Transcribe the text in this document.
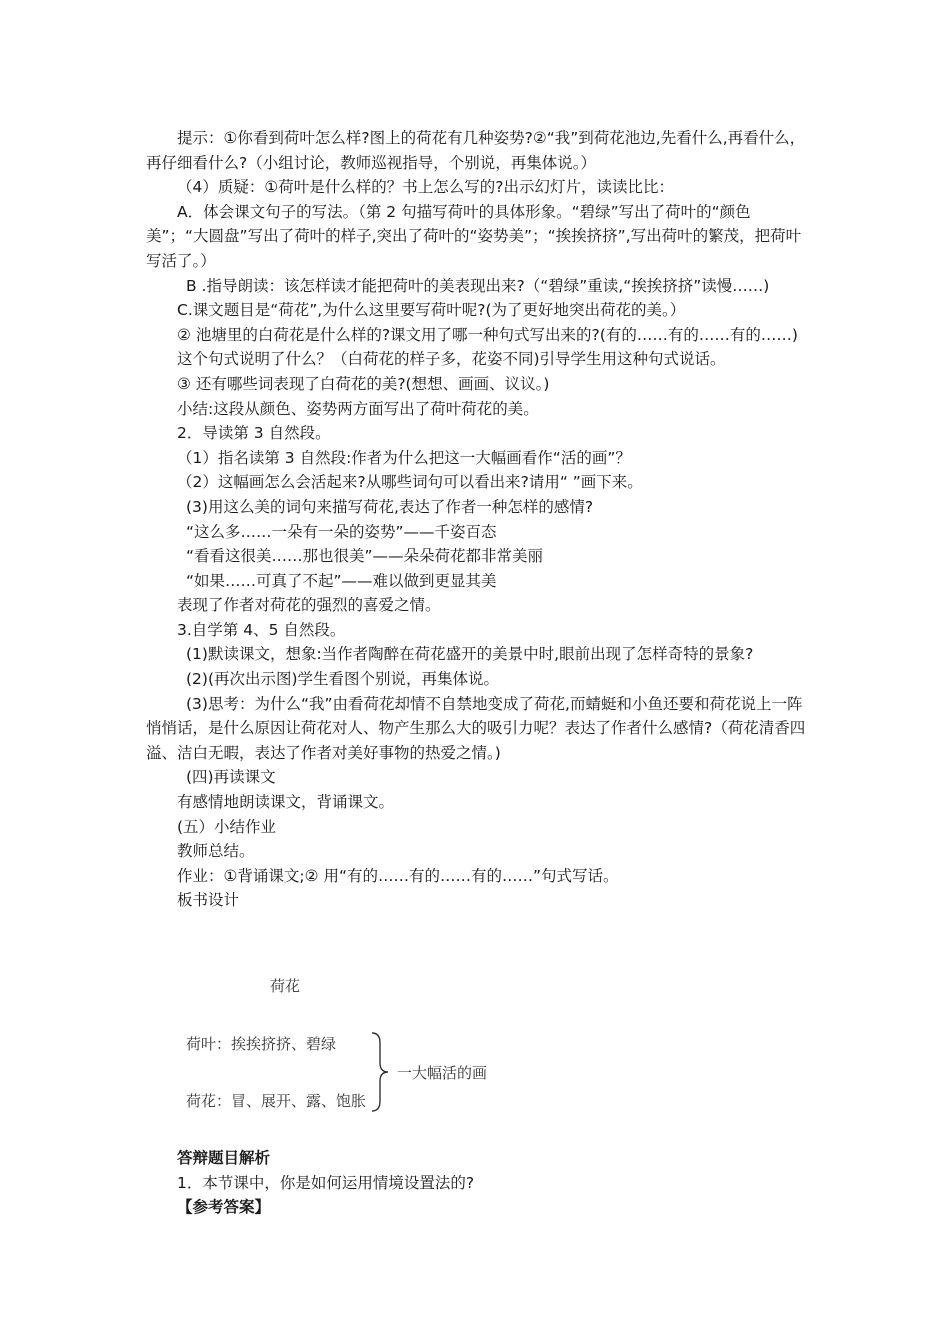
提示：①你看到荷叶怎么样?图上的荷花有几种姿势?②“我”到荷花池边,先看什么,再看什么，再仔细看什么?（小组讨论，教师巡视指导，个别说，再集体说。）

（4）质疑：①荷叶是什么样的？书上怎么写的?出示幻灯片，读读比比：

A．体会课文句子的写法。（第 2 句描写荷叶的具体形象。“碧绿”写出了荷叶的“颜色美”；“大圆盘”写出了荷叶的样子,突出了荷叶的“姿势美”；“挨挨挤挤”,写出荷叶的繁茂，把荷叶写活了。）

B .指导朗读：该怎样读才能把荷叶的美表现出来?（“碧绿”重读,“挨挨挤挤”读慢……)

C.课文题目是“荷花”,为什么这里要写荷叶呢?(为了更好地突出荷花的美。）

② 池塘里的白荷花是什么样的?课文用了哪一种句式写出来的?(有的……有的……有的……)

这个句式说明了什么？（白荷花的样子多，花姿不同)引导学生用这种句式说话。

③ 还有哪些词表现了白荷花的美?(想想、画画、议议。)

小结:这段从颜色、姿势两方面写出了荷叶荷花的美。

2．导读第 3 自然段。

（1）指名读第 3 自然段:作者为什么把这一大幅画看作“活的画”？

（2）这幅画怎么会活起来?从哪些词句可以看出来?请用“ ”画下来。

(3)用这么美的词句来描写荷花,表达了作者一种怎样的感情?

“这么多……一朵有一朵的姿势”——千姿百态

“看看这很美……那也很美”——朵朵荷花都非常美丽

“如果……可真了不起”——难以做到更显其美

表现了作者对荷花的强烈的喜爱之情。

3.自学第 4、5 自然段。

(1)默读课文，想象:当作者陶醉在荷花盛开的美景中时,眼前出现了怎样奇特的景象?

(2)(再次出示图)学生看图个别说，再集体说。

(3)思考：为什么“我”由看荷花却情不自禁地变成了荷花,而蜻蜓和小鱼还要和荷花说上一阵悄悄话，是什么原因让荷花对人、物产生那么大的吸引力呢？表达了作者什么感情?（荷花清香四溢、洁白无暇，表达了作者对美好事物的热爱之情。)

(四)再读课文

有感情地朗读课文，背诵课文。

(五）小结作业

教师总结。

作业：①背诵课文;② 用“有的……有的……有的……”句式写话。

板书设计

荷花
荷叶：挨挨挤挤、碧绿
荷花：冒、展开、露、饱胀
一大幅活的画

答辩题目解析

1．本节课中，你是如何运用情境设置法的?

【参考答案】
